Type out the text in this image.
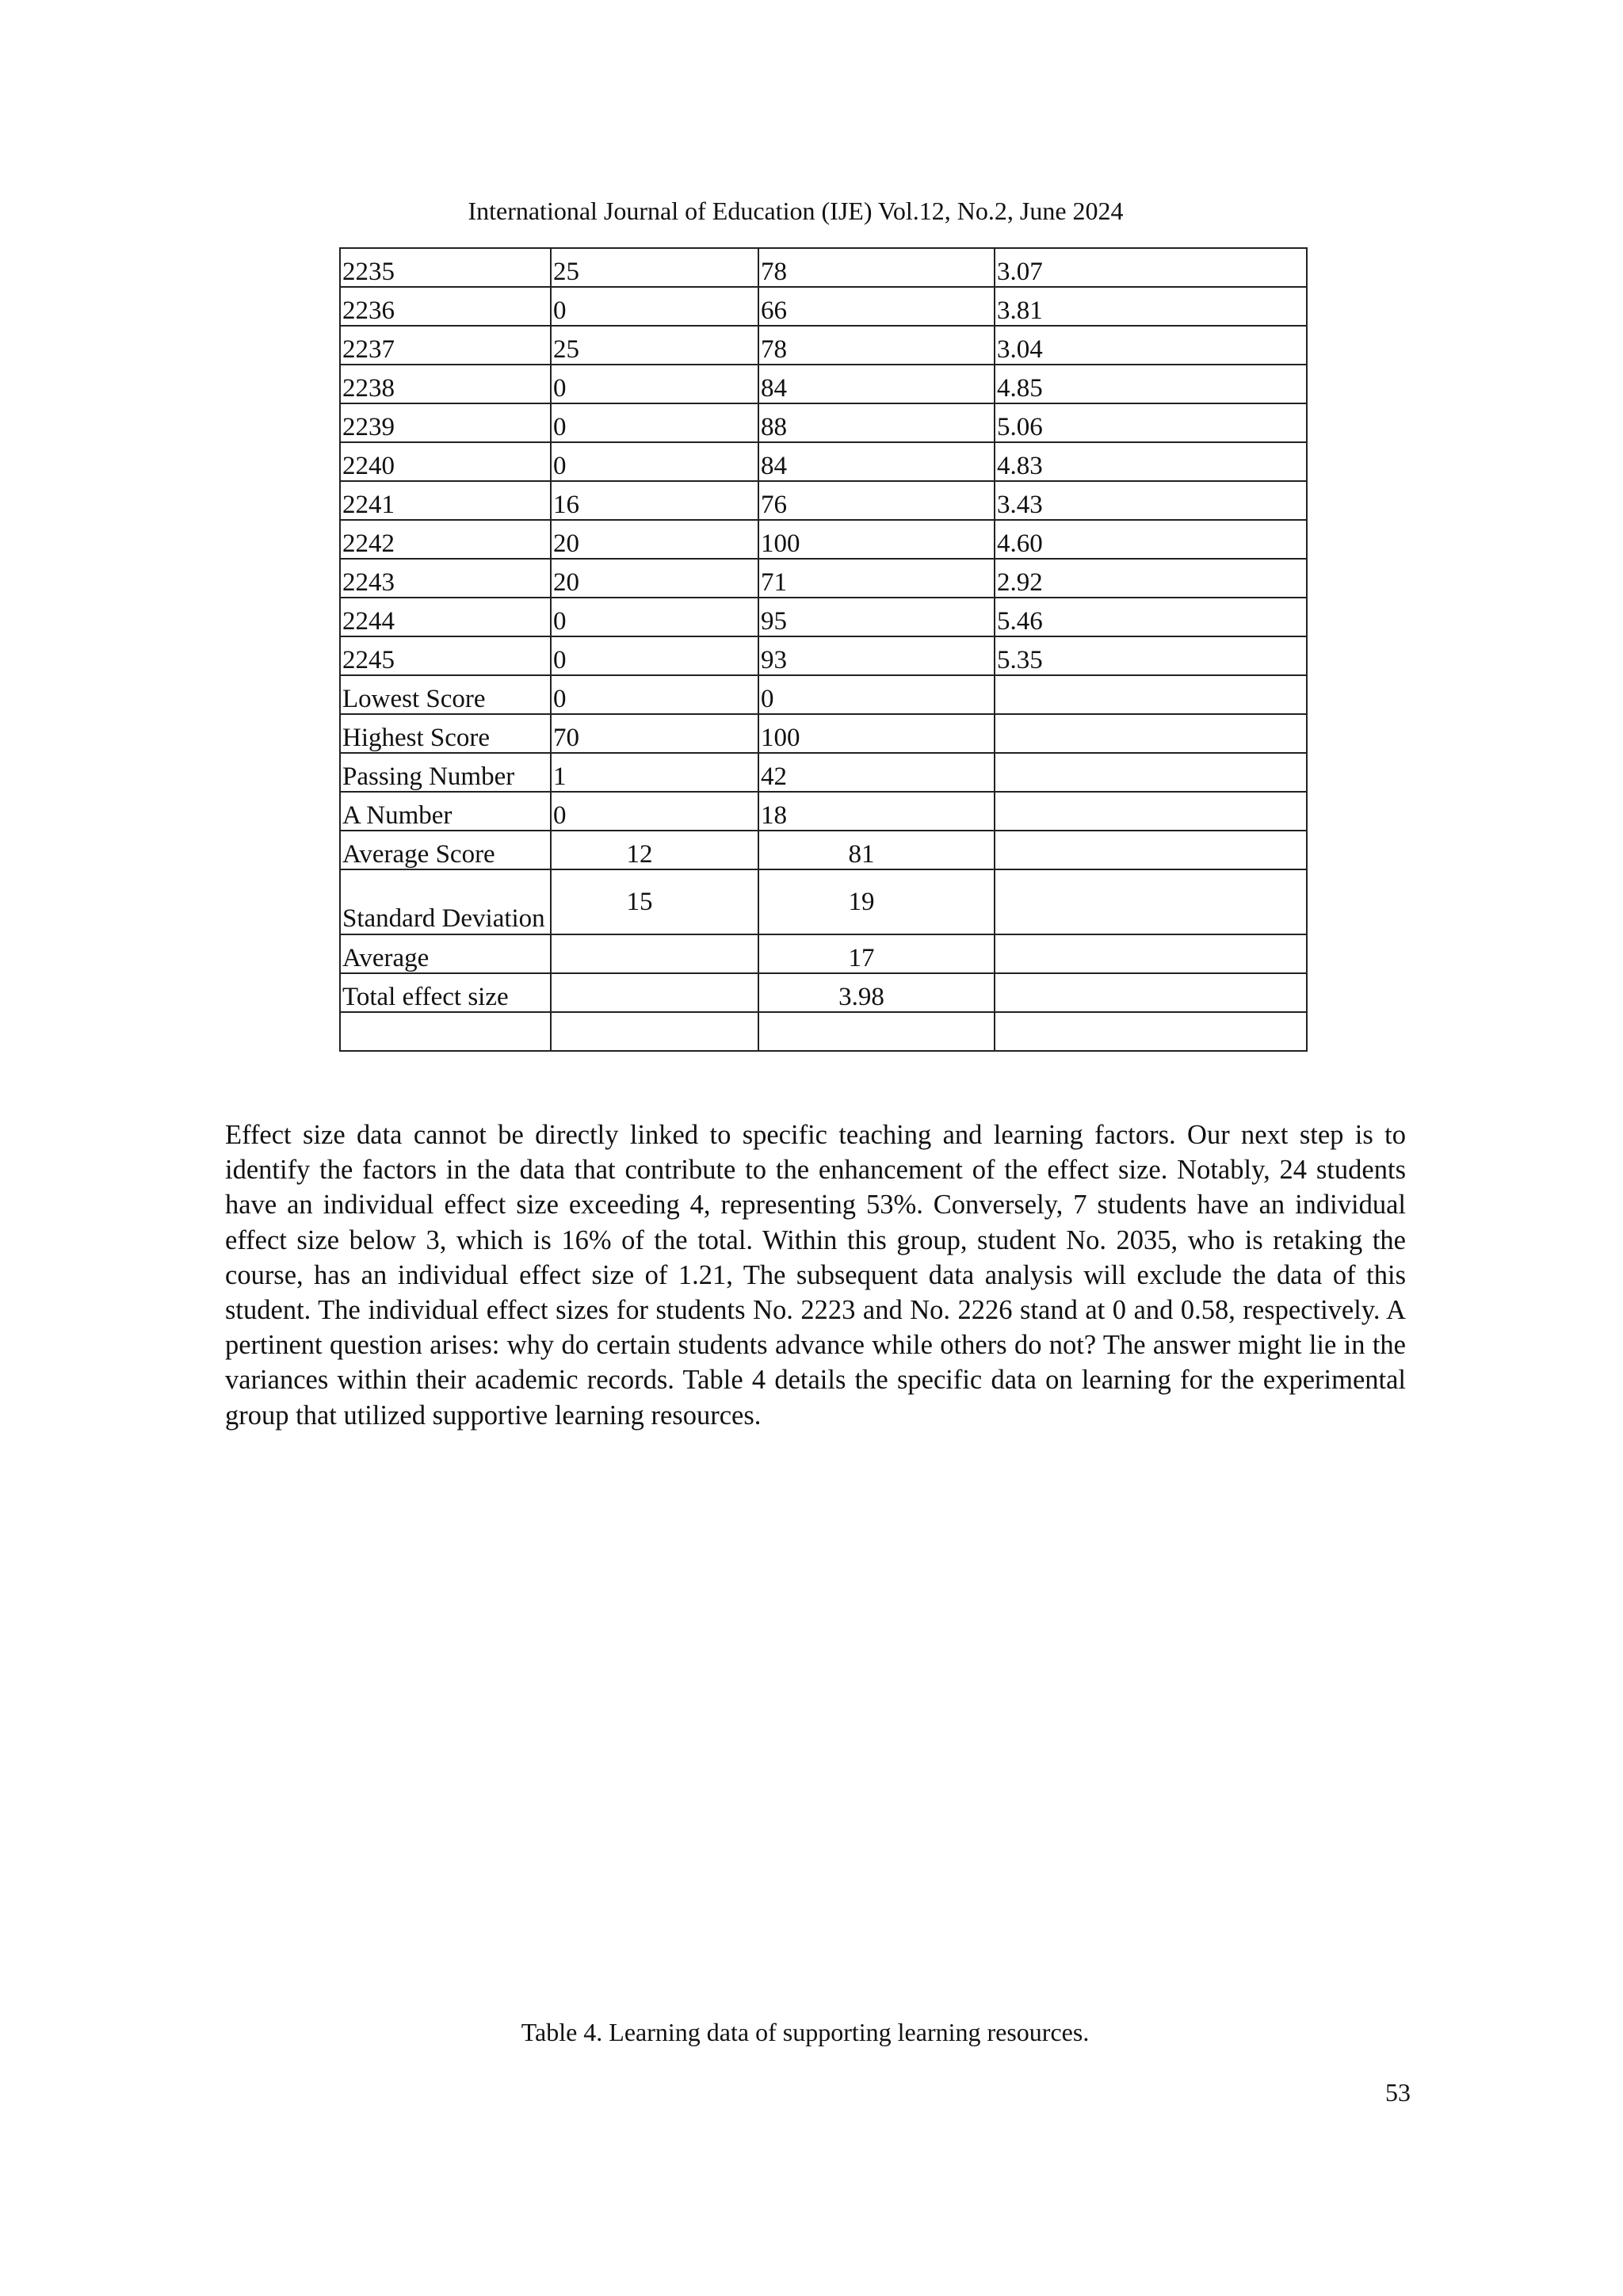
International Journal of Education (IJE) Vol.12, No.2, June 2024
2235	25	78	3.07
2236	0	66	3.81
2237	25	78	3.04
2238	0	84	4.85
2239	0	88	5.06
2240	0	84	4.83
2241	16	76	3.43
2242	20	100	4.60
2243	20	71	2.92
2244	0	95	5.46
2245	0	93	5.35
Lowest Score	0	0	
Highest Score	70	100	
Passing Number	1	42	
A Number	0	18	
Average Score	12	81	
Standard Deviation	15	19	
Average		17	
Total effect size		3.98	

Effect size data cannot be directly linked to specific teaching and learning factors. Our next step is to identify the factors in the data that contribute to the enhancement of the effect size. Notably, 24 students have an individual effect size exceeding 4, representing 53%. Conversely, 7 students have an individual effect size below 3, which is 16% of the total. Within this group, student No. 2035, who is retaking the course, has an individual effect size of 1.21, The subsequent data analysis will exclude the data of this student. The individual effect sizes for students No. 2223 and No. 2226 stand at 0 and 0.58, respectively. A pertinent question arises: why do certain students advance while others do not? The answer might lie in the variances within their academic records. Table 4 details the specific data on learning for the experimental group that utilized supportive learning resources.

Table 4. Learning data of supporting learning resources.
53
